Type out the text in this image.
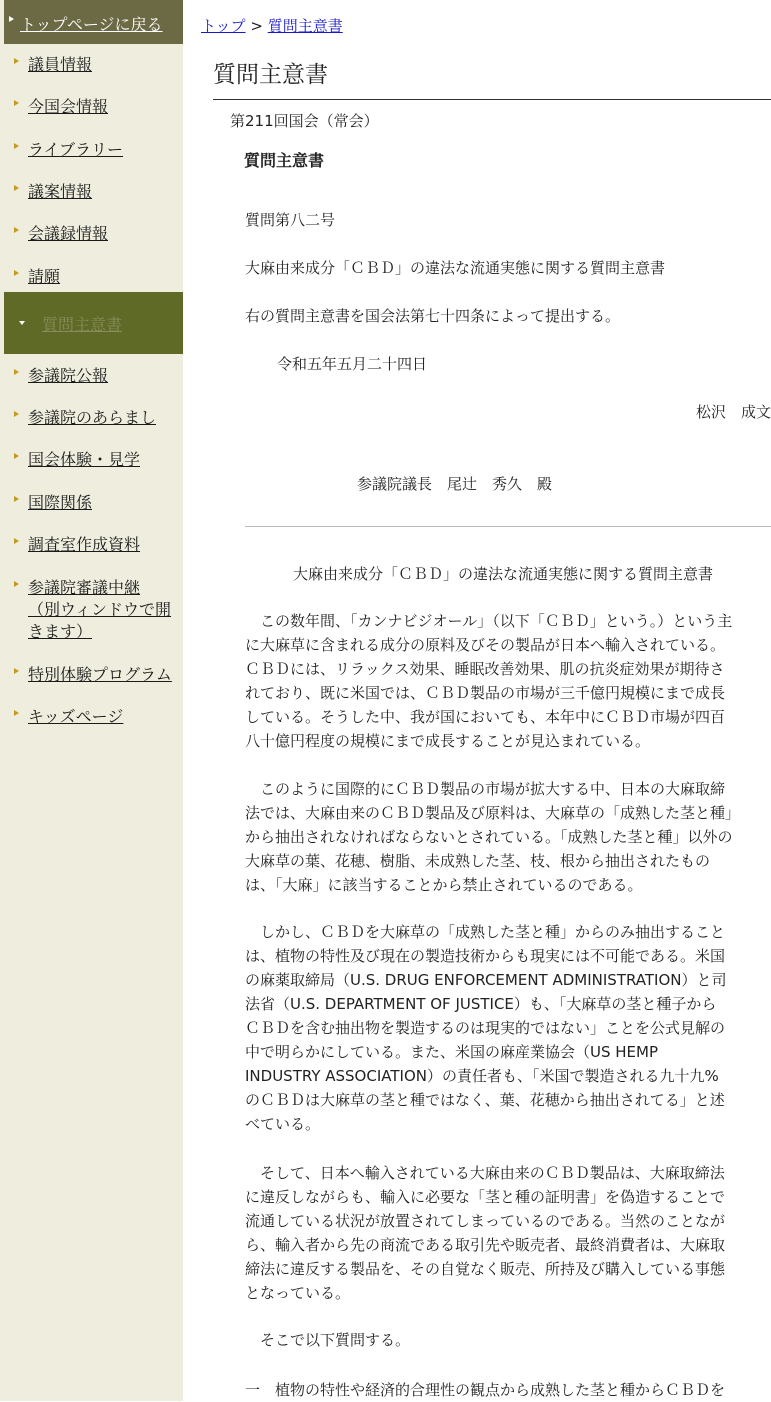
トップページに戻る
議員情報
今国会情報
ライブラリー
議案情報
会議録情報
請願
質問主意書
参議院公報
参議院のあらまし
国会体験・見学
国際関係
調査室作成資料
参議院審議中継
（別ウィンドウで開
きます）
特別体験プログラム
キッズページ
トップ > 質問主意書
質問主意書
第211回国会（常会）
質問主意書
質問第八二号
大麻由来成分「ＣＢＤ」の違法な流通実態に関する質問主意書
右の質問主意書を国会法第七十四条によって提出する。
令和五年五月二十四日
松沢　成文
参議院議長　尾辻　秀久　殿
大麻由来成分「ＣＢＤ」の違法な流通実態に関する質問主意書
この数年間、「カンナビジオール」（以下「ＣＢＤ」という。）という主
に大麻草に含まれる成分の原料及びその製品が日本へ輸入されている。
ＣＢＤには、リラックス効果、睡眠改善効果、肌の抗炎症効果が期待さ
れており、既に米国では、ＣＢＤ製品の市場が三千億円規模にまで成長
している。そうした中、我が国においても、本年中にＣＢＤ市場が四百
八十億円程度の規模にまで成長することが見込まれている。
このように国際的にＣＢＤ製品の市場が拡大する中、日本の大麻取締
法では、大麻由来のＣＢＤ製品及び原料は、大麻草の「成熟した茎と種」
から抽出されなければならないとされている。「成熟した茎と種」以外の
大麻草の葉、花穂、樹脂、未成熟した茎、枝、根から抽出されたもの
は、「大麻」に該当することから禁止されているのである。
しかし、ＣＢＤを大麻草の「成熟した茎と種」からのみ抽出すること
は、植物の特性及び現在の製造技術からも現実には不可能である。米国
の麻薬取締局（U.S. DRUG ENFORCEMENT ADMINISTRATION）と司
法省（U.S. DEPARTMENT OF JUSTICE）も、「大麻草の茎と種子から
ＣＢＤを含む抽出物を製造するのは現実的ではない」ことを公式見解の
中で明らかにしている。また、米国の麻産業協会（US HEMP
INDUSTRY ASSOCIATION）の責任者も、「米国で製造される九十九%
のＣＢＤは大麻草の茎と種ではなく、葉、花穂から抽出されてる」と述
べている。
そして、日本へ輸入されている大麻由来のＣＢＤ製品は、大麻取締法
に違反しながらも、輸入に必要な「茎と種の証明書」を偽造することで
流通している状況が放置されてしまっているのである。当然のことなが
ら、輸入者から先の商流である取引先や販売者、最終消費者は、大麻取
締法に違反する製品を、その自覚なく販売、所持及び購入している事態
となっている。
そこで以下質問する。
一　植物の特性や経済的合理性の観点から成熟した茎と種からＣＢＤを
